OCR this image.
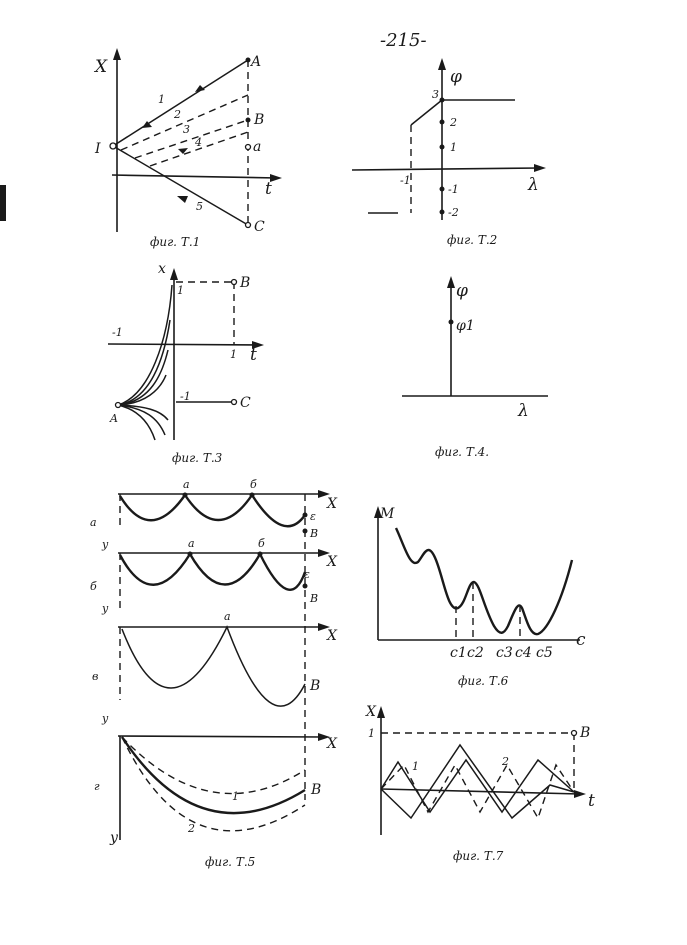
-215-
X
t
A
B
a
C
I
1
2
3
4
5
фиг. Т.1
φ
λ
3
2
1
-1
-2
-1
фиг. Т.2
x
t
B
C
A
1
1
-1
-1
фиг. Т.3
φ
λ
φ1
фиг. Т.4.
а
X
y
а	б
ε
В
б
X
y
а	б
ε
В
в
X
y
а
В
г
X
y
В
1
2
фиг. Т.5
M
c
c1 c2 c3 c4 c5
фиг. Т.6
X
t
B
1
1	2
фиг. Т.7
